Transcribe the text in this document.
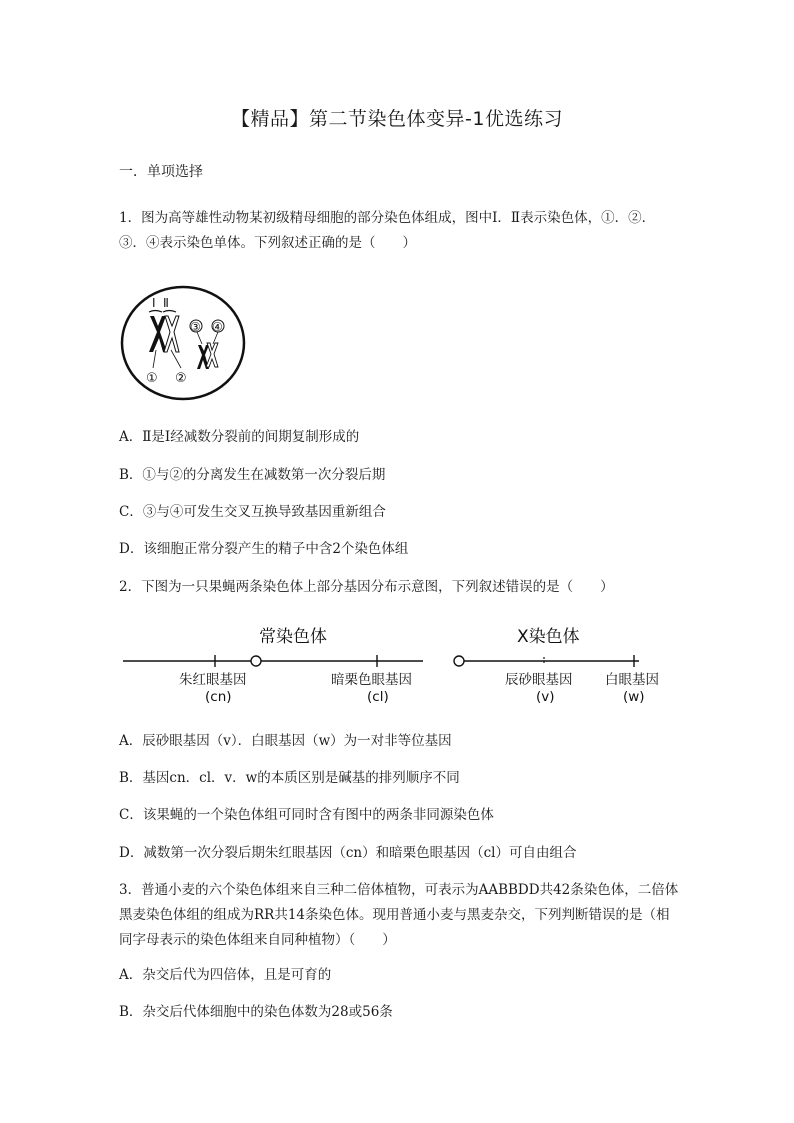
【精品】第二节染色体变异-1优选练习
一．单项选择
1．图为高等雄性动物某初级精母细胞的部分染色体组成，图中Ⅰ．Ⅱ表示染色体，①．②．③．④表示染色单体。下列叙述正确的是（　　）
Ⅰ Ⅱ
③ ④
① ②
A．Ⅱ是Ⅰ经减数分裂前的间期复制形成的
B．①与②的分离发生在减数第一次分裂后期
C．③与④可发生交叉互换导致基因重新组合
D．该细胞正常分裂产生的精子中含2个染色体组
2．下图为一只果蝇两条染色体上部分基因分布示意图，下列叙述错误的是（　　）
常染色体	X染色体
朱红眼基因
(cn)
暗栗色眼基因
(cl)
辰砂眼基因
(v)
白眼基因
(w)
A．辰砂眼基因（v）．白眼基因（w）为一对非等位基因
B．基因cn．cl．v．w的本质区别是碱基的排列顺序不同
C．该果蝇的一个染色体组可同时含有图中的两条非同源染色体
D．减数第一次分裂后期朱红眼基因（cn）和暗栗色眼基因（cl）可自由组合
3．普通小麦的六个染色体组来自三种二倍体植物，可表示为AABBDD共42条染色体，二倍体黑麦染色体组的组成为RR共14条染色体。现用普通小麦与黑麦杂交，下列判断错误的是（相同字母表示的染色体组来自同种植物）（　　）
A．杂交后代为四倍体，且是可育的
B．杂交后代体细胞中的染色体数为28或56条
